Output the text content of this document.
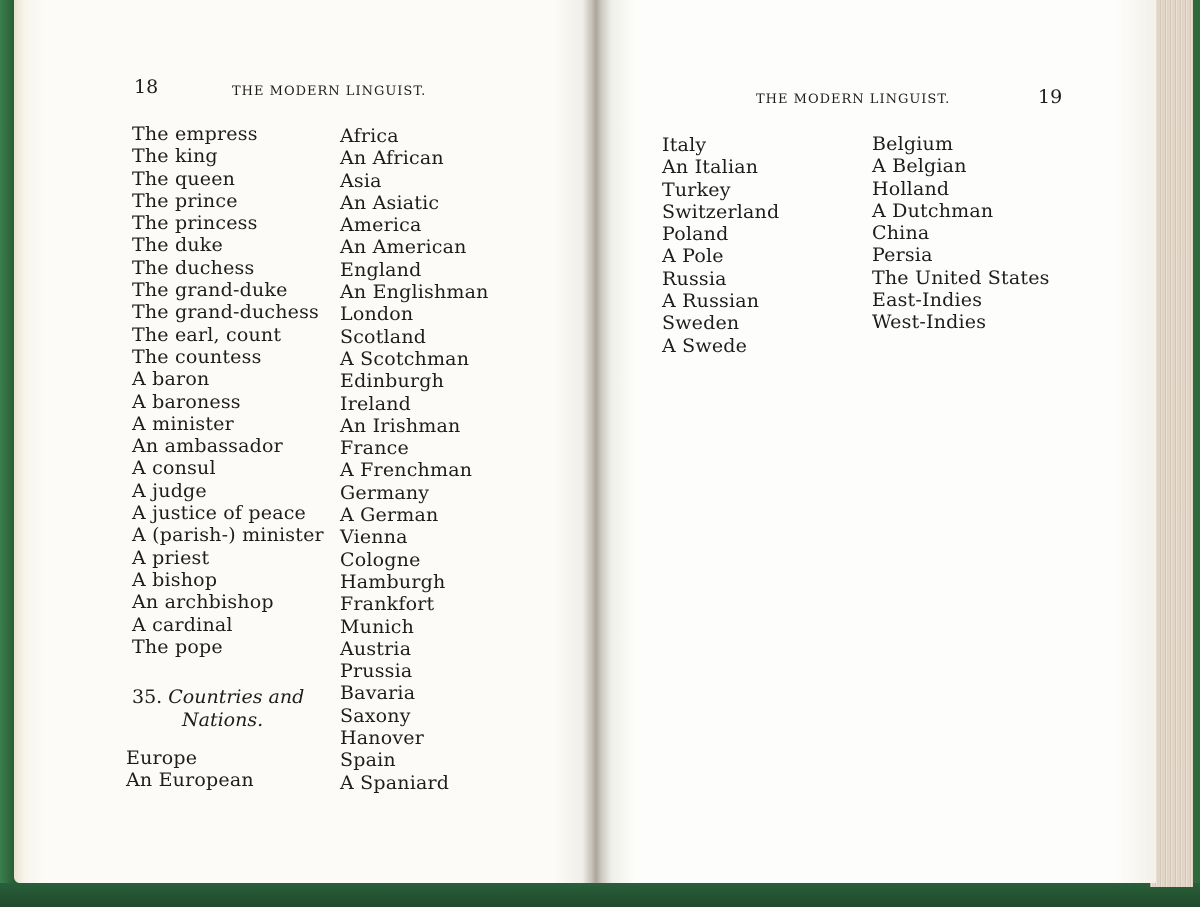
18	THE MODERN LINGUIST.
The empress
The king
The queen
The prince
The princess
The duke
The duchess
The grand-duke
The grand-duchess
The earl, count
The countess
A baron
A baroness
A minister
An ambassador
A consul
A judge
A justice of peace
A (parish-) minister
A priest
A bishop
An archbishop
A cardinal
The pope
35. Countries and
Nations.
Europe
An European
Africa
An African
Asia
An Asiatic
America
An American
England
An Englishman
London
Scotland
A Scotchman
Edinburgh
Ireland
An Irishman
France
A Frenchman
Germany
A German
Vienna
Cologne
Hamburgh
Frankfort
Munich
Austria
Prussia
Bavaria
Saxony
Hanover
Spain
A Spaniard
THE MODERN LINGUIST.	19
Italy
An Italian
Turkey
Switzerland
Poland
A Pole
Russia
A Russian
Sweden
A Swede
Belgium
A Belgian
Holland
A Dutchman
China
Persia
The United States
East-Indies
West-Indies
